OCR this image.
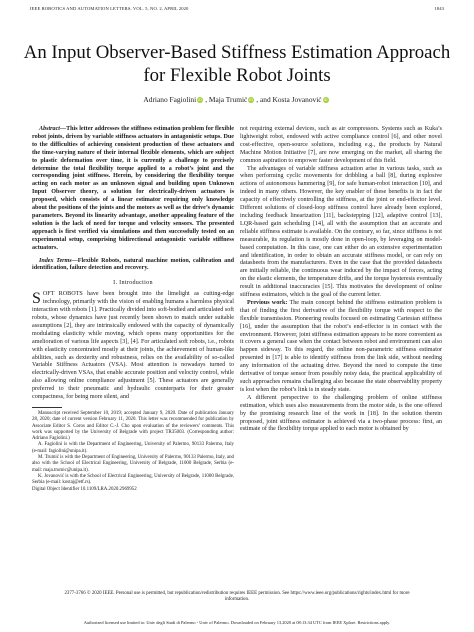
IEEE ROBOTICS AND AUTOMATION LETTERS, VOL. 5, NO. 2, APRIL 2020	1843
An Input Observer-Based Stiffness Estimation Approach for Flexible Robot Joints
Adriano Fagiolini iD , Maja Trumić iD , and Kosta Jovanović iD

Abstract—This letter addresses the stiffness estimation problem for flexible robot joints, driven by variable stiffness actuators in antagonistic setups. Due to the difficulties of achieving consistent production of these actuators and the time-varying nature of their internal flexible elements, which are subject to plastic deformation over time, it is currently a challenge to precisely determine the total flexibility torque applied to a robot’s joint and the corresponding joint stiffness. Herein, by considering the flexibility torque acting on each motor as an unknown signal and building upon Unknown Input Observer theory, a solution for electrically-driven actuators is proposed, which consists of a linear estimator requiring only knowledge about the positions of the joints and the motors as well as the drive’s dynamic parameters. Beyond its linearity advantage, another appealing feature of the solution is the lack of need for torque and velocity sensors. The presented approach is first verified via simulations and then successfully tested on an experimental setup, comprising bidirectional antagonistic variable stiffness actuators.

Index Terms—Flexible Robots, natural machine motion, calibration and identification, failure detection and recovery.

I. Introduction

SOFT ROBOTS have been brought into the limelight as cutting-edge technology, primarily with the vision of enabling humans a harmless physical interaction with robots [1]. Practically divided into soft-bodied and articulated soft robots, whose dynamics have just recently been shown to match under suitable assumptions [2], they are intrinsically endowed with the capacity of dynamically modulating elasticity while moving, which opens many opportunities for the amelioration of various life aspects [3], [4]. For articulated soft robots, i.e., robots with elasticity concentrated mostly at their joints, the achievement of human-like abilities, such as dexterity and robustness, relies on the availability of so-called Variable Stiffness Actuators (VSA). Most attention is nowadays turned to electrically-driven VSAs, that enable accurate position and velocity control, while also allowing online compliance adjustment [5]. These actuators are generally preferred to their pneumatic and hydraulic counterparts for their greater compactness, for being more silent, and

Manuscript received September 10, 2019; accepted January 9, 2020. Date of publication January 28, 2020; date of current version February 11, 2020. This letter was recommended for publication by Associate Editor S. Coros and Editor C.-J. Cho upon evaluation of the reviewers’ comments. This work was supported by the University of Belgrade with project TR35003. (Corresponding author: Adriano Fagiolini.)

A. Fagiolini is with the Department of Engineering, University of Palermo, 90133 Palermo, Italy (e-mail: fagiolini@unipa.it).

M. Trumić is with the Department of Engineering, University of Palermo, 90133 Palermo, Italy, and also with the School of Electrical Engineering, University of Belgrade, 11000 Belgrade, Serbia (e-mail: maja.trumic@unipa.it).

K. Jovanović is with the School of Electrical Engineering, University of Belgrade, 11000 Belgrade, Serbia (e-mail: kostaj@etf.rs).

Digital Object Identifier 10.1109/LRA.2020.2969952

not requiring external devices, such as air compressors. Systems such as Kuka’s lightweight robot, endowed with active compliance control [6], and other novel cost-effective, open-source solutions, including e.g., the products by Natural Machine Motion Initiative [7], are now emerging on the market, all sharing the common aspiration to empower faster development of this field.

The advantages of variable stiffness actuation arise in various tasks, such as when performing cyclic movements for dribbling a ball [8], during explosive actions of autonomous hammering [9], for safe human-robot interaction [10], and indeed in many others. However, the key enabler of these benefits is in fact the capacity of effectively controlling the stiffness, at the joint or end-effector level. Different solutions of closed-loop stiffness control have already been explored, including feedback linearization [11], backstepping [12], adaptive control [13], LQR-based gain scheduling [14], all with the assumption that an accurate and reliable stiffness estimate is available. On the contrary, so far, since stiffness is not measurable, its regulation is mostly done in open-loop, by leveraging on model-based computation. In this case, one can either do an extensive experimentation and identification, in order to obtain an accurate stiffness model, or can rely on datasheets from the manufacturers. Even in the case that the provided datasheets are initially reliable, the continuous wear induced by the impact of forces, acting on the elastic elements, the temperature drifts, and the torque hysteresis eventually result in additional inaccuracies [15]. This motivates the development of online stiffness estimators, which is the goal of the current letter.

Previous work: The main concept behind the stiffness estimation problem is that of finding the first derivative of the flexibility torque with respect to the flexible transmission. Pioneering results focused on estimating Cartesian stiffness [16], under the assumption that the robot’s end-effector is in contact with the environment. However, joint stiffness estimation appears to be more convenient as it covers a general case when the contact between robot and environment can also happen sideway. To this regard, the online non-parametric stiffness estimator presented in [17] is able to identify stiffness from the link side, without needing any information of the actuating drive. Beyond the need to compute the time derivative of torque sensor from possibly noisy data, the practical applicability of such approaches remains challenging also because the state observability property is lost when the robot’s link is in steady state.

A different perspective to the challenging problem of online stiffness estimation, which uses also measurements from the motor side, is the one offered by the promising research line of the work in [18]. In the solution therein proposed, joint stiffness estimator is achieved via a two-phase process: first, an estimate of the flexibility torque applied to each motor is obtained by

2377-3766 © 2020 IEEE. Personal use is permitted, but republication/redistribution requires IEEE permission. See https://www.ieee.org/publications/rights/index.html for more information.
Authorized licensed use limited to: Univ degli Studi di Palermo - Univ of Palermo. Downloaded on February 13,2020 at 08:13:34 UTC from IEEE Xplore. Restrictions apply.
